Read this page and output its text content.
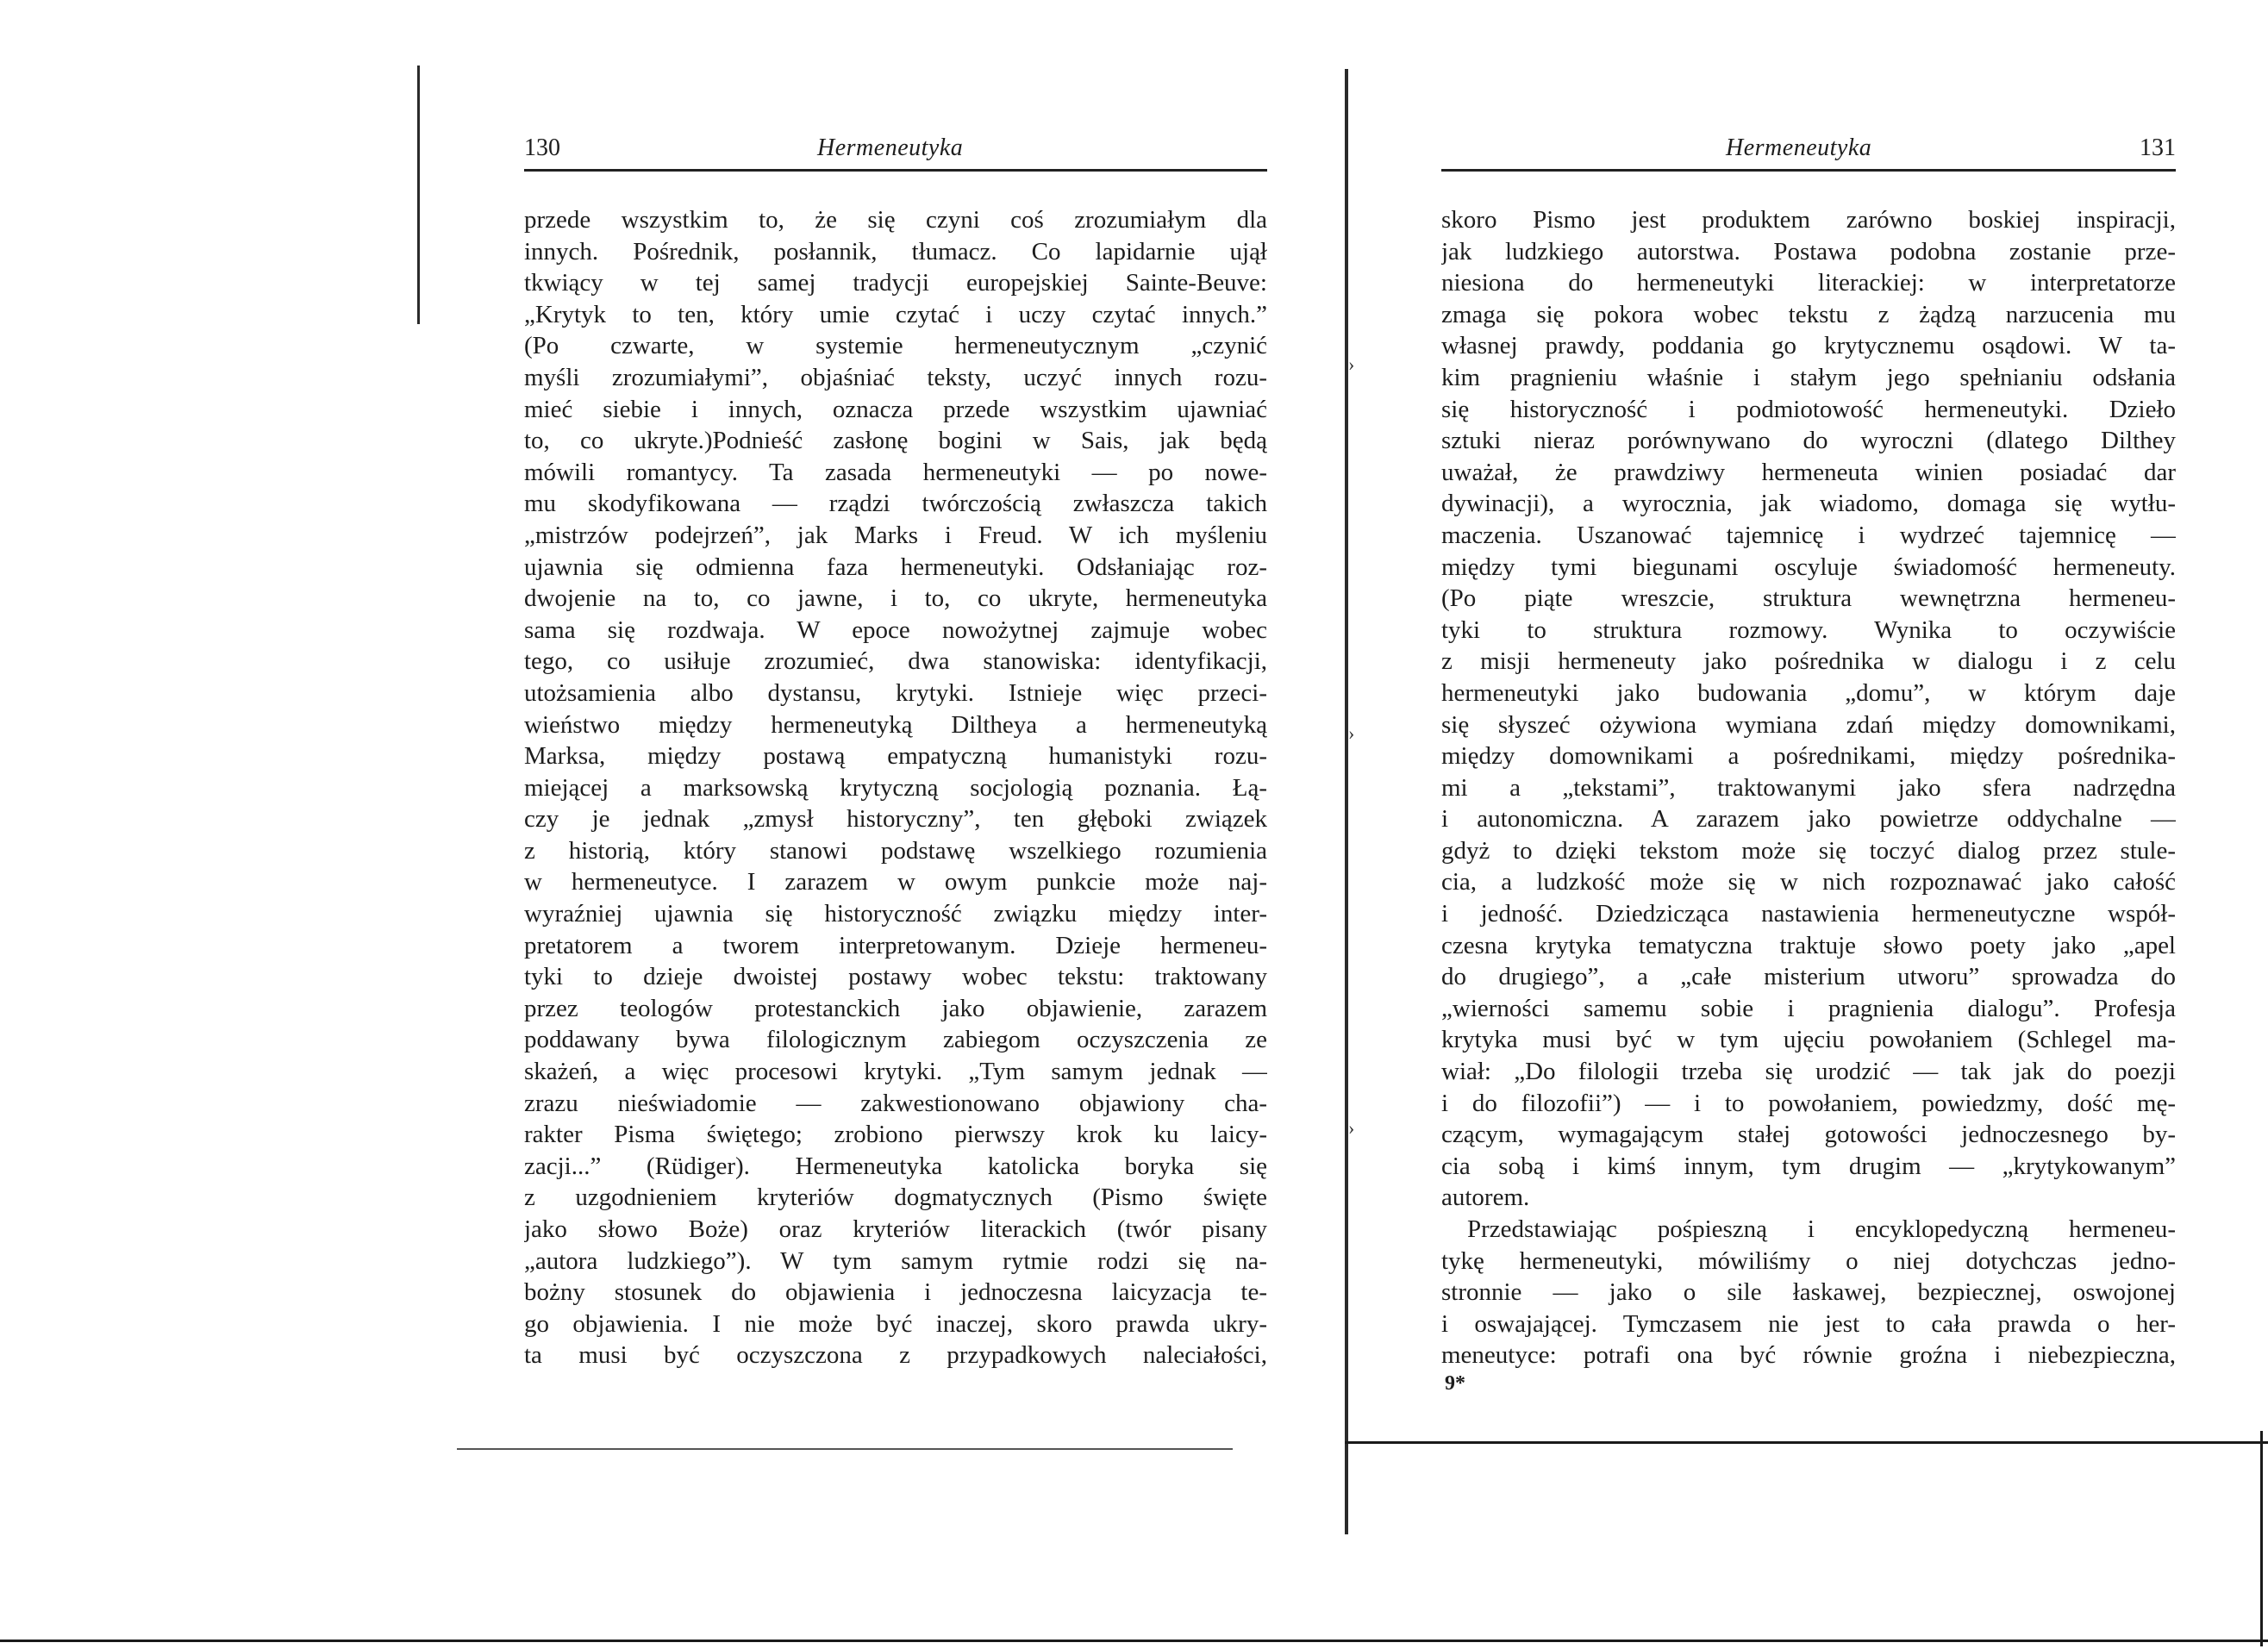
›
›
›
130	Hermeneutyka
przede wszystkim to, że się czyni coś zrozumiałym dla
innych. Pośrednik, posłannik, tłumacz. Co lapidarnie ujął
tkwiący w tej samej tradycji europejskiej Sainte-Beuve:
„Krytyk to ten, który umie czytać i uczy czytać innych.”
(Po czwarte, w systemie hermeneutycznym „czynić
myśli zrozumiałymi”, objaśniać teksty, uczyć innych rozu-
mieć siebie i innych, oznacza przede wszystkim ujawniać
to, co ukryte.)Podnieść zasłonę bogini w Sais, jak będą
mówili romantycy. Ta zasada hermeneutyki — po nowe-
mu skodyfikowana — rządzi twórczością zwłaszcza takich
„mistrzów podejrzeń”, jak Marks i Freud. W ich myśleniu
ujawnia się odmienna faza hermeneutyki. Odsłaniając roz-
dwojenie na to, co jawne, i to, co ukryte, hermeneutyka
sama się rozdwaja. W epoce nowożytnej zajmuje wobec
tego, co usiłuje zrozumieć, dwa stanowiska: identyfikacji,
utożsamienia albo dystansu, krytyki. Istnieje więc przeci-
wieństwo między hermeneutyką Diltheya a hermeneutyką
Marksa, między postawą empatyczną humanistyki rozu-
miejącej a marksowską krytyczną socjologią poznania. Łą-
czy je jednak „zmysł historyczny”, ten głęboki związek
z historią, który stanowi podstawę wszelkiego rozumienia
w hermeneutyce. I zarazem w owym punkcie może naj-
wyraźniej ujawnia się historyczność związku między inter-
pretatorem a tworem interpretowanym. Dzieje hermeneu-
tyki to dzieje dwoistej postawy wobec tekstu: traktowany
przez teologów protestanckich jako objawienie, zarazem
poddawany bywa filologicznym zabiegom oczyszczenia ze
skażeń, a więc procesowi krytyki. „Tym samym jednak —
zrazu nieświadomie — zakwestionowano objawiony cha-
rakter Pisma świętego; zrobiono pierwszy krok ku laicy-
zacji...” (Rüdiger). Hermeneutyka katolicka boryka się
z uzgodnieniem kryteriów dogmatycznych (Pismo święte
jako słowo Boże) oraz kryteriów literackich (twór pisany
„autora ludzkiego”). W tym samym rytmie rodzi się na-
bożny stosunek do objawienia i jednoczesna laicyzacja te-
go objawienia. I nie może być inaczej, skoro prawda ukry-
ta musi być oczyszczona z przypadkowych naleciałości,
Hermeneutyka	131
skoro Pismo jest produktem zarówno boskiej inspiracji,
jak ludzkiego autorstwa. Postawa podobna zostanie prze-
niesiona do hermeneutyki literackiej: w interpretatorze
zmaga się pokora wobec tekstu z żądzą narzucenia mu
własnej prawdy, poddania go krytycznemu osądowi. W ta-
kim pragnieniu właśnie i stałym jego spełnianiu odsłania
się historyczność i podmiotowość hermeneutyki. Dzieło
sztuki nieraz porównywano do wyroczni (dlatego Dilthey
uważał, że prawdziwy hermeneuta winien posiadać dar
dywinacji), a wyrocznia, jak wiadomo, domaga się wytłu-
maczenia. Uszanować tajemnicę i wydrzeć tajemnicę —
między tymi biegunami oscyluje świadomość hermeneuty.
(Po piąte wreszcie, struktura wewnętrzna hermeneu-
tyki to struktura rozmowy. Wynika to oczywiście
z misji hermeneuty jako pośrednika w dialogu i z celu
hermeneutyki jako budowania „domu”, w którym daje
się słyszeć ożywiona wymiana zdań między domownikami,
między domownikami a pośrednikami, między pośrednika-
mi a „tekstami”, traktowanymi jako sfera nadrzędna
i autonomiczna. A zarazem jako powietrze oddychalne —
gdyż to dzięki tekstom może się toczyć dialog przez stule-
cia, a ludzkość może się w nich rozpoznawać jako całość
i jedność. Dziedzicząca nastawienia hermeneutyczne współ-
czesna krytyka tematyczna traktuje słowo poety jako „apel
do drugiego”, a „całe misterium utworu” sprowadza do
„wierności samemu sobie i pragnienia dialogu”. Profesja
krytyka musi być w tym ujęciu powołaniem (Schlegel ma-
wiał: „Do filologii trzeba się urodzić — tak jak do poezji
i do filozofii”) — i to powołaniem, powiedzmy, dość mę-
czącym, wymagającym stałej gotowości jednoczesnego by-
cia sobą i kimś innym, tym drugim — „krytykowanym”
autorem.
Przedstawiając pośpieszną i encyklopedyczną hermeneu-
tykę hermeneutyki, mówiliśmy o niej dotychczas jedno-
stronnie — jako o sile łaskawej, bezpiecznej, oswojonej
i oswajającej. Tymczasem nie jest to cała prawda o her-
meneutyce: potrafi ona być równie groźna i niebezpieczna,
9*
